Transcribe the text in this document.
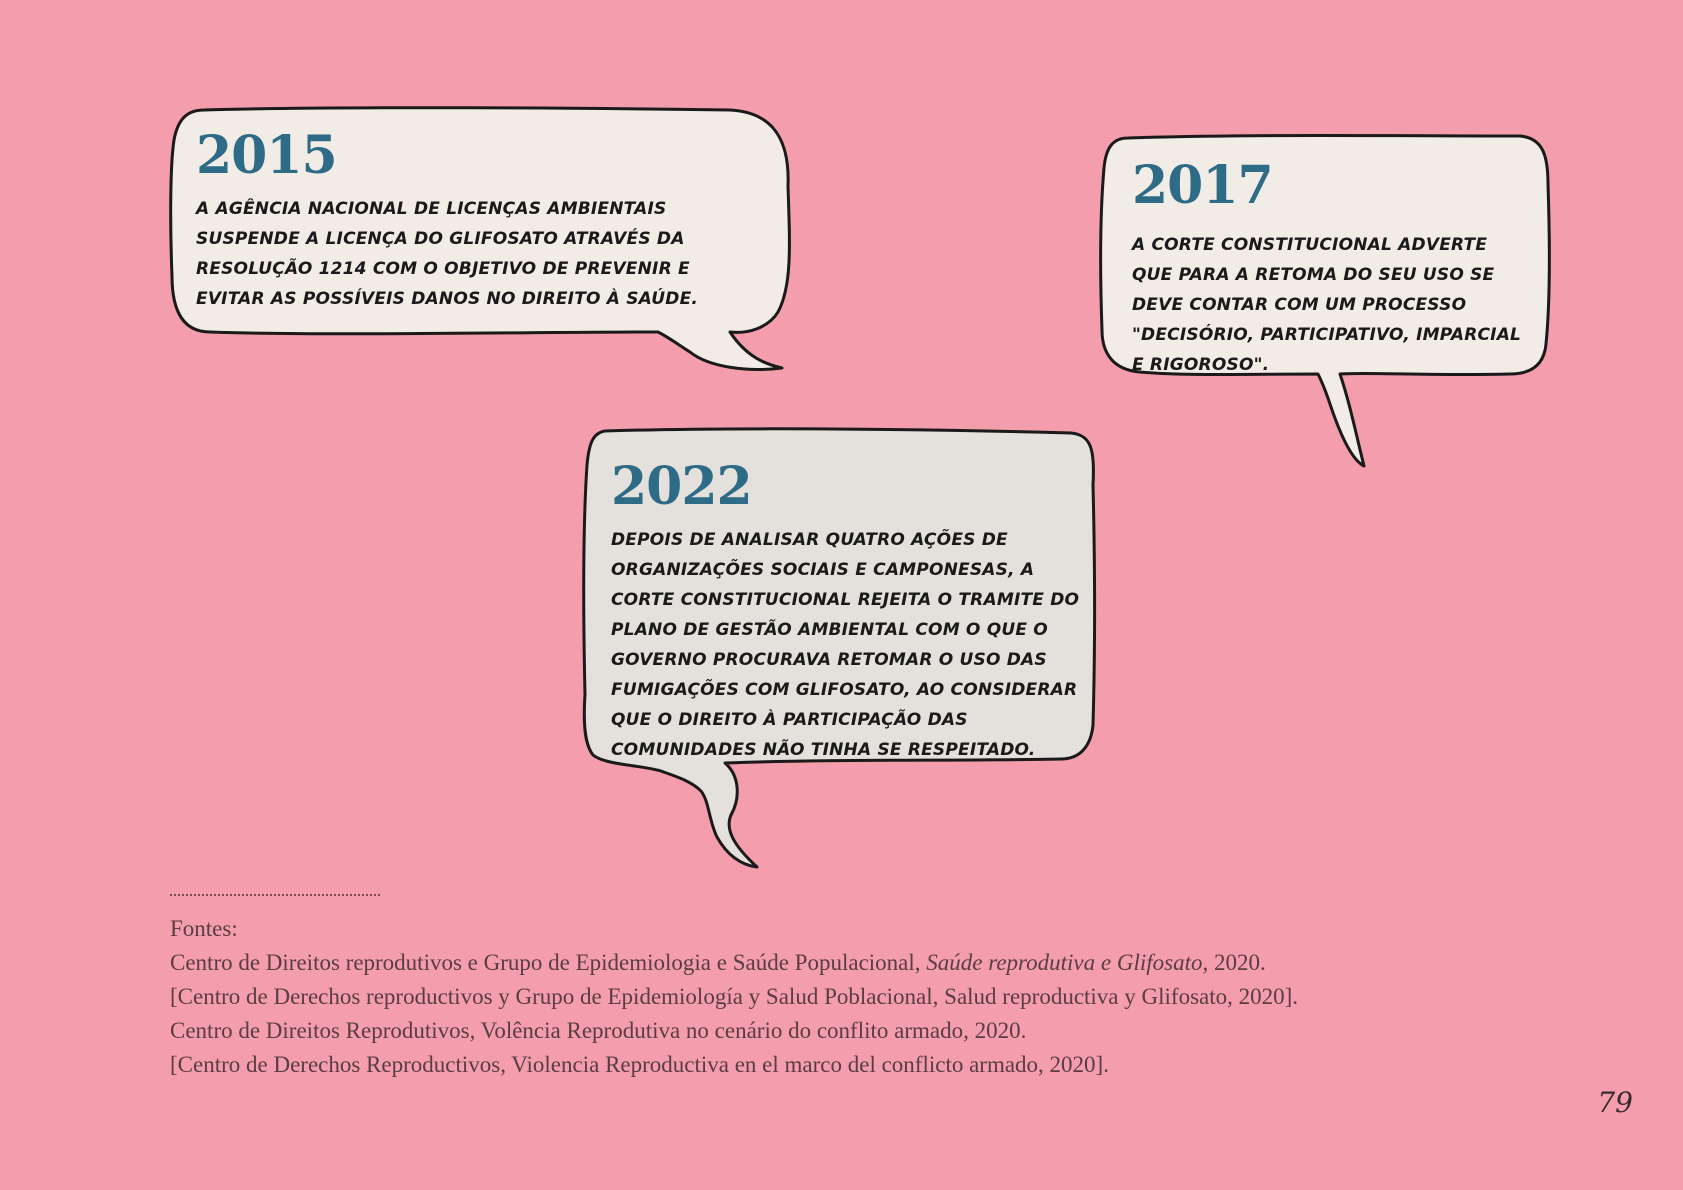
2015
A AGÊNCIA NACIONAL DE LICENÇAS AMBIENTAIS SUSPENDE A LICENÇA DO GLIFOSATO ATRAVÉS DA RESOLUÇÃO 1214 COM O OBJETIVO DE PREVENIR E EVITAR AS POSSÍVEIS DANOS NO DIREITO À SAÚDE.
2017
A CORTE CONSTITUCIONAL ADVERTE QUE PARA A RETOMA DO SEU USO SE DEVE CONTAR COM UM PROCESSO "DECISÓRIO, PARTICIPATIVO, IMPARCIAL E RIGOROSO".
2022
DEPOIS DE ANALISAR QUATRO AÇÕES DE ORGANIZAÇÕES SOCIAIS E CAMPONESAS, A CORTE CONSTITUCIONAL REJEITA O TRAMITE DO PLANO DE GESTÃO AMBIENTAL COM O QUE O GOVERNO PROCURAVA RETOMAR O USO DAS FUMIGAÇÕES COM GLIFOSATO, AO CONSIDERAR QUE O DIREITO À PARTICIPAÇÃO DAS COMUNIDADES NÃO TINHA SE RESPEITADO.
Fontes:
Centro de Direitos reprodutivos e Grupo de Epidemiologia e Saúde Populacional, Saúde reprodutiva e Glifosato, 2020.
[Centro de Derechos reproductivos y Grupo de Epidemiología y Salud Poblacional, Salud reproductiva y Glifosato, 2020].
Centro de Direitos Reprodutivos, Volência Reprodutiva no cenário do conflito armado, 2020.
[Centro de Derechos Reproductivos, Violencia Reproductiva en el marco del conflicto armado, 2020].
79
